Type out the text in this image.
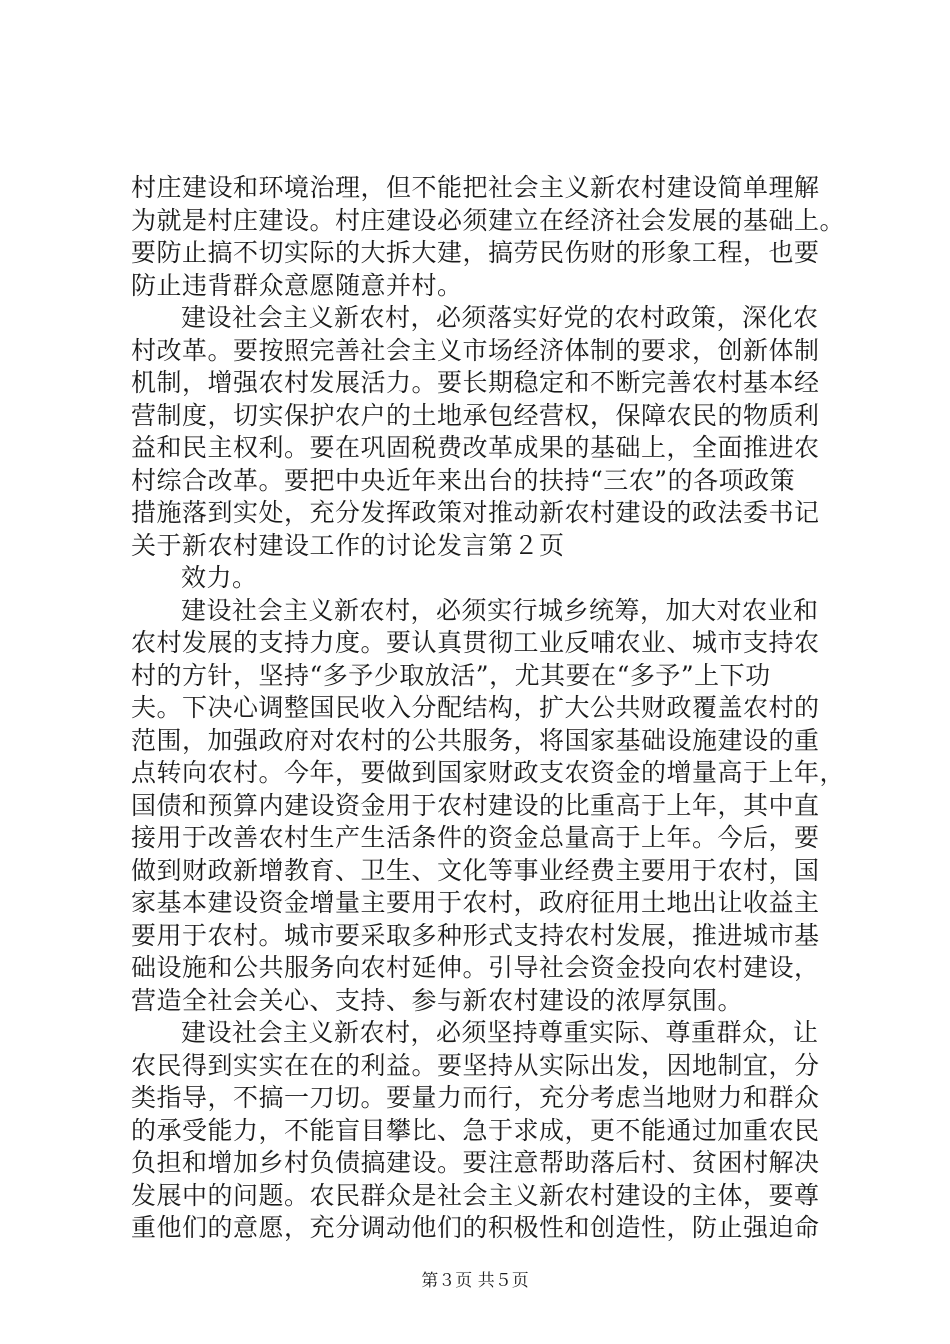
村庄建设和环境治理，但不能把社会主义新农村建设简单理解
为就是村庄建设。村庄建设必须建立在经济社会发展的基础上。
要防止搞不切实际的大拆大建，搞劳民伤财的形象工程，也要
防止违背群众意愿随意并村。
建设社会主义新农村，必须落实好党的农村政策，深化农
村改革。要按照完善社会主义市场经济体制的要求，创新体制
机制，增强农村发展活力。要长期稳定和不断完善农村基本经
营制度，切实保护农户的土地承包经营权，保障农民的物质利
益和民主权利。要在巩固税费改革成果的基础上，全面推进农
村综合改革。要把中央近年来出台的扶持“三农”的各项政策
措施落到实处，充分发挥政策对推动新农村建设的政法委书记
关于新农村建设工作的讨论发言第２页
效力。
建设社会主义新农村，必须实行城乡统筹，加大对农业和
农村发展的支持力度。要认真贯彻工业反哺农业、城市支持农
村的方针，坚持“多予少取放活”，尤其要在“多予”上下功
夫。下决心调整国民收入分配结构，扩大公共财政覆盖农村的
范围，加强政府对农村的公共服务，将国家基础设施建设的重
点转向农村。今年，要做到国家财政支农资金的增量高于上年，
国债和预算内建设资金用于农村建设的比重高于上年，其中直
接用于改善农村生产生活条件的资金总量高于上年。今后，要
做到财政新增教育、卫生、文化等事业经费主要用于农村，国
家基本建设资金增量主要用于农村，政府征用土地出让收益主
要用于农村。城市要采取多种形式支持农村发展，推进城市基
础设施和公共服务向农村延伸。引导社会资金投向农村建设，
营造全社会关心、支持、参与新农村建设的浓厚氛围。
建设社会主义新农村，必须坚持尊重实际、尊重群众，让
农民得到实实在在的利益。要坚持从实际出发，因地制宜，分
类指导，不搞一刀切。要量力而行，充分考虑当地财力和群众
的承受能力，不能盲目攀比、急于求成，更不能通过加重农民
负担和增加乡村负债搞建设。要注意帮助落后村、贫困村解决
发展中的问题。农民群众是社会主义新农村建设的主体，要尊
重他们的意愿，充分调动他们的积极性和创造性，防止强迫命
第３页 共５页
